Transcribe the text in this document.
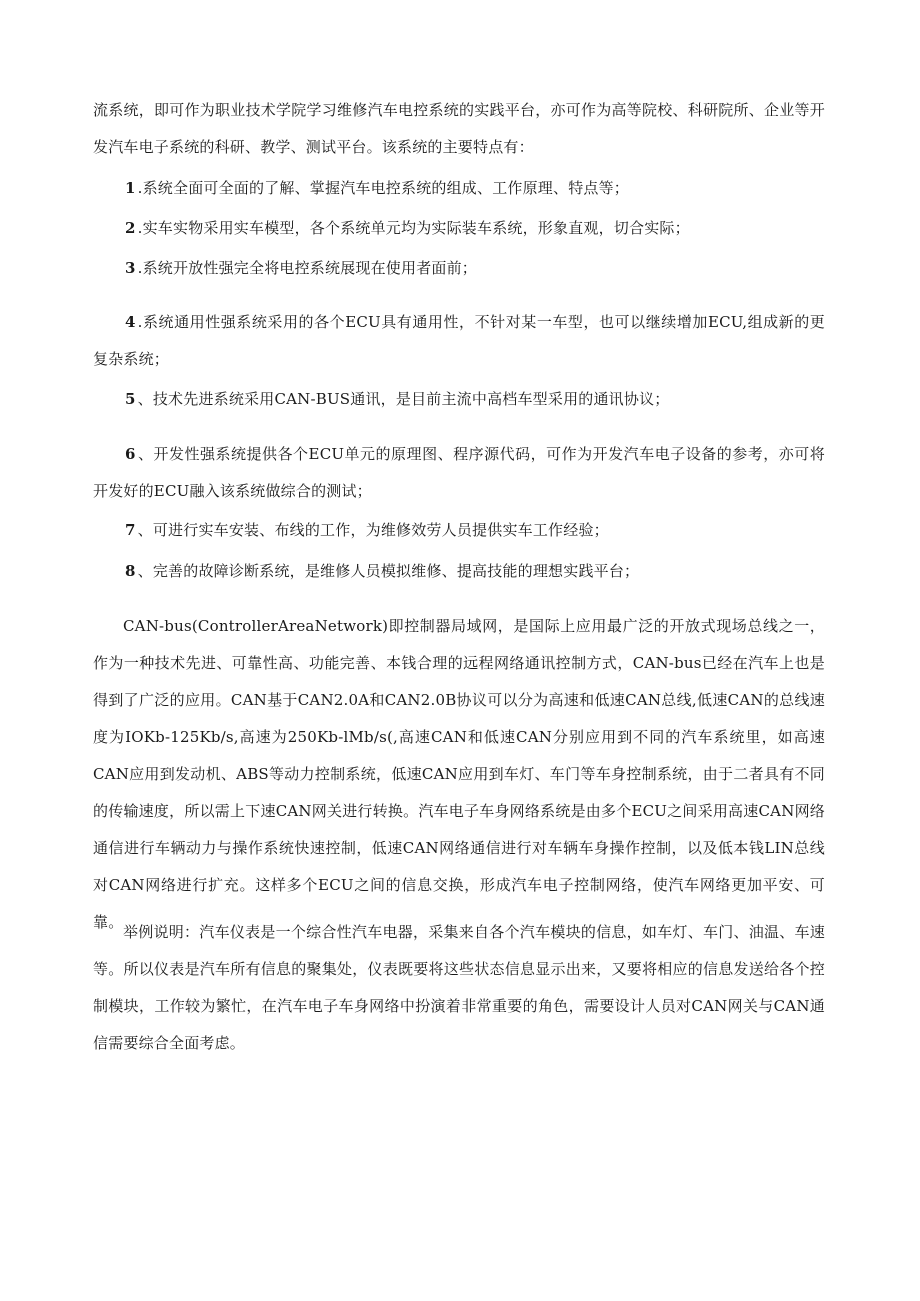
流系统，即可作为职业技术学院学习维修汽车电控系统的实践平台，亦可作为高等院校、科研院所、企业等开发汽车电子系统的科研、教学、测试平台。该系统的主要特点有：

1 .系统全面可全面的了解、掌握汽车电控系统的组成、工作原理、特点等；

2 .实车实物采用实车模型，各个系统单元均为实际装车系统，形象直观，切合实际；

3 .系统开放性强完全将电控系统展现在使用者面前；

4 .系统通用性强系统采用的各个ECU具有通用性，不针对某一车型，也可以继续增加ECU,组成新的更复杂系统；

5 、技术先进系统采用CAN-BUS通讯，是目前主流中高档车型采用的通讯协议；

6 、开发性强系统提供各个ECU单元的原理图、程序源代码，可作为开发汽车电子设备的参考，亦可将开发好的ECU融入该系统做综合的测试；

7 、可进行实车安装、布线的工作，为维修效劳人员提供实车工作经验；

8 、完善的故障诊断系统，是维修人员模拟维修、提高技能的理想实践平台；

CAN-bus(ControllerAreaNetwork)即控制器局域网，是国际上应用最广泛的开放式现场总线之一，作为一种技术先进、可靠性高、功能完善、本钱合理的远程网络通讯控制方式，CAN-bus已经在汽车上也是得到了广泛的应用。CAN基于CAN2.0A和CAN2.0B协议可以分为高速和低速CAN总线,低速CAN的总线速度为IOKb-125Kb∕s,高速为250Kb-lMb∕s(,高速CAN和低速CAN分别应用到不同的汽车系统里，如高速CAN应用到发动机、ABS等动力控制系统，低速CAN应用到车灯、车门等车身控制系统，由于二者具有不同的传输速度，所以需上下速CAN网关进行转换。汽车电子车身网络系统是由多个ECU之间采用高速CAN网络通信进行车辆动力与操作系统快速控制，低速CAN网络通信进行对车辆车身操作控制，以及低本钱LIN总线对CAN网络进行扩充。这样多个ECU之间的信息交换，形成汽车电子控制网络，使汽车网络更加平安、可靠。

举例说明：汽车仪表是一个综合性汽车电器，采集来自各个汽车模块的信息，如车灯、车门、油温、车速等。所以仪表是汽车所有信息的聚集处，仪表既要将这些状态信息显示出来，又要将相应的信息发送给各个控制模块，工作较为繁忙，在汽车电子车身网络中扮演着非常重要的角色，需要设计人员对CAN网关与CAN通信需要综合全面考虑。
